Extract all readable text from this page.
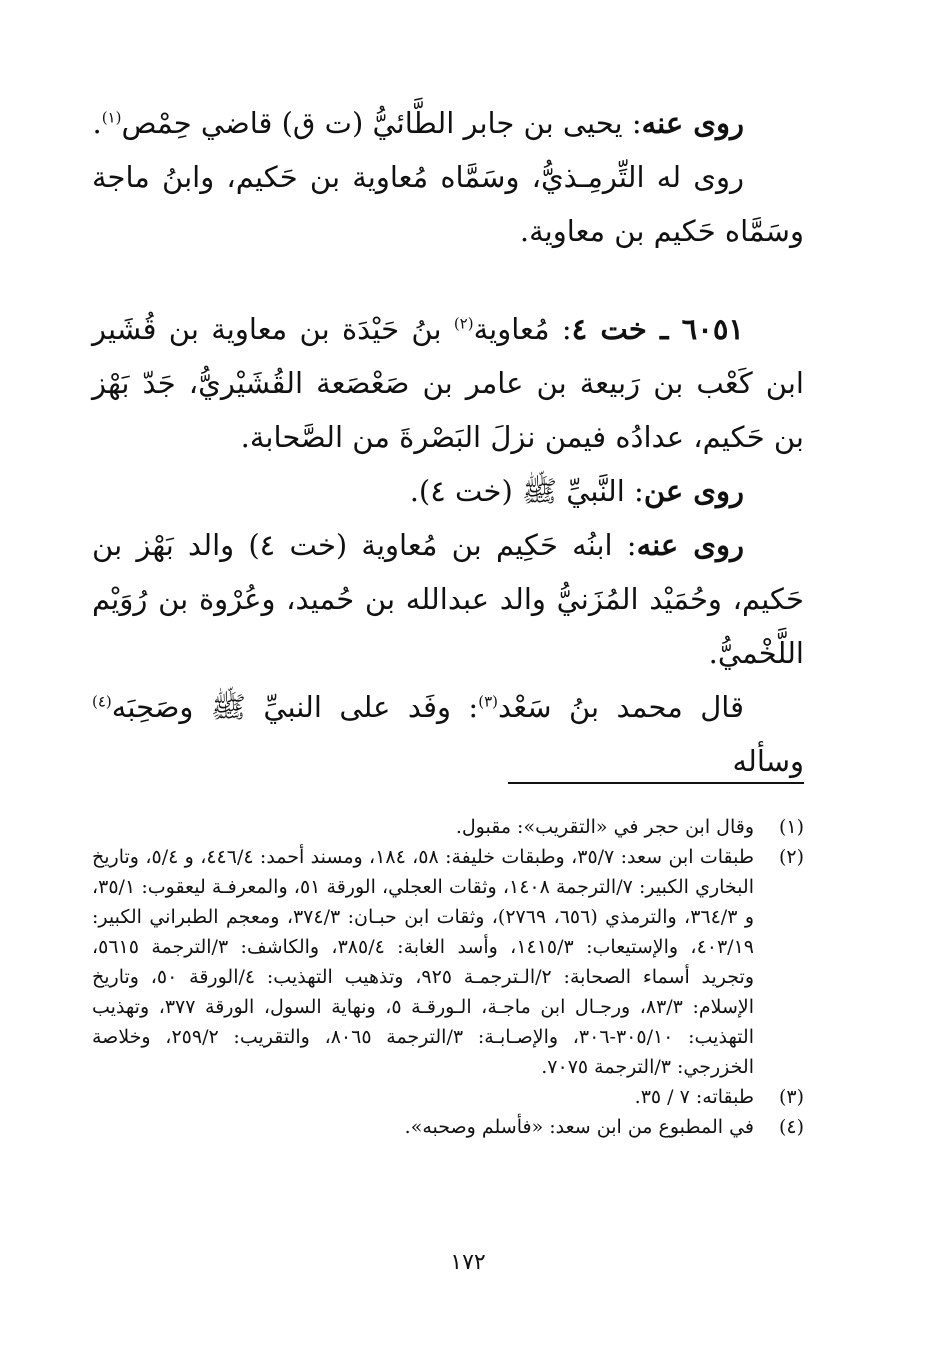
روى عنه: يحيى بن جابر الطَّائيُّ (ت ق) قاضي حِمْص$^{(١)}$.

روى له التِّرمِـذيُّ، وسَمَّاه مُعاوية بن حَكيم، وابنُ ماجة وسَمَّاه حَكيم بن معاوية.

٦٠٥١ ـ خت ٤: مُعاوية$^{(٢)}$ بنُ حَيْدَة بن معاوية بن قُشَير ابن كَعْب بن رَبيعة بن عامر بن صَعْصَعة القُشَيْريُّ، جَدّ بَهْز بن حَكيم، عدادُه فيمن نزلَ البَصْرةَ من الصَّحابة.

روى عن: النَّبيِّ ﷺ (خت ٤).

روى عنه: ابنُه حَكِيم بن مُعاوية (خت ٤) والد بَهْز بن حَكيم، وحُمَيْد المُزَنيُّ والد عبدالله بن حُميد، وعُرْوة بن رُوَيْم اللَّخْميُّ.

قال محمد بنُ سَعْد$^{(٣)}$: وفَد على النبيِّ ﷺ وصَحِبَه$^{(٤)}$ وسأله

(١)
وقال ابن حجر في «التقريب»: مقبول.
(٢)
طبقات ابن سعد: ٣٥/٧، وطبقات خليفة: ٥٨، ١٨٤، ومسند أحمد: ٤٤٦/٤، و ٥/٤، وتاريخ البخاري الكبير: ٧/الترجمة ١٤٠٨، وثقات العجلي، الورقة ٥١، والمعرفـة ليعقوب: ٣٥/١، و ٣٦٤/٣، والترمذي (٦٥٦، ٢٧٦٩)، وثقات ابن حبـان: ٣٧٤/٣، ومعجم الطبراني الكبير: ٤٠٣/١٩، والإستيعاب: ١٤١٥/٣، وأسد الغابة: ٣٨٥/٤، والكاشف: ٣/الترجمة ٥٦١٥، وتجريد أسماء الصحابة: ٢/الـترجمـة ٩٢٥، وتذهيب التهذيب: ٤/الورقة ٥٠، وتاريخ الإسلام: ٨٣/٣، ورجـال ابن ماجـة، الـورقـة ٥، ونهاية السول، الورقة ٣٧٧، وتهذيب التهذيب: ٣٠٥/١٠-٣٠٦، والإصـابـة: ٣/الترجمة ٨٠٦٥، والتقريب: ٢٥٩/٢، وخلاصة الخزرجي: ٣/الترجمة ٧٠٧٥.
(٣)
طبقاته: ٧ / ٣٥.
(٤)
في المطبوع من ابن سعد: «فأسلم وصحبه».
١٧٢
